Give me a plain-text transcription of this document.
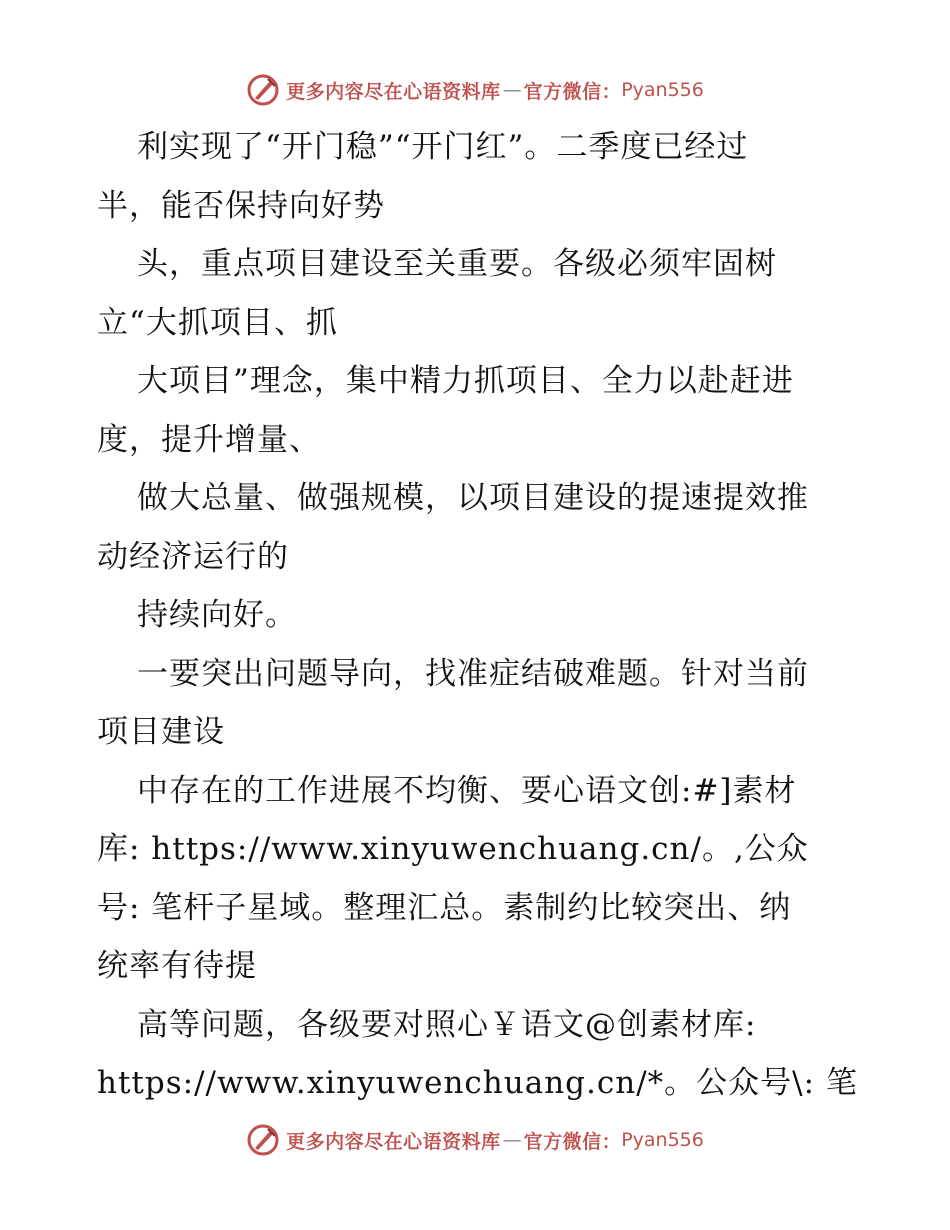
更多内容尽在心语资料库 — 官方微信： Pyan556
利实现了“开门稳”“开门红”。二季度已经过
半，能否保持向好势
头，重点项目建设至关重要。各级必须牢固树
立“大抓项目、抓
大项目”理念，集中精力抓项目、全力以赴赶进
度，提升增量、
做大总量、做强规模，以项目建设的提速提效推
动经济运行的
持续向好。
一要突出问题导向，找准症结破难题。针对当前
项目建设
中存在的工作进展不均衡、要心语文创:#]素材
库: https://www.xinyuwenchuang.cn/。,公众
号: 笔杆子星域。整理汇总。素制约比较突出、纳
统率有待提
高等问题，各级要对照心￥语文@创素材库:
https://www.xinyuwenchuang.cn/*。公众号\: 笔
更多内容尽在心语资料库 — 官方微信： Pyan556
